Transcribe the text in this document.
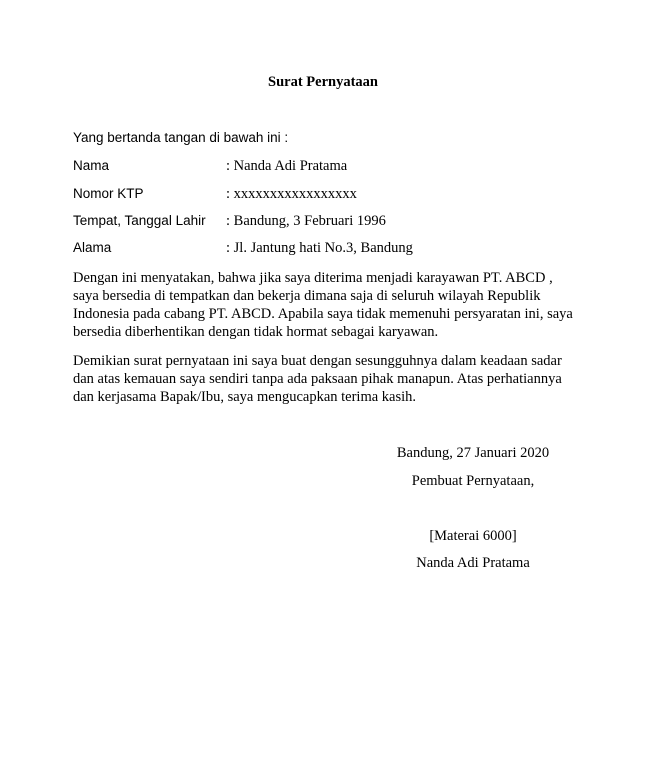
Surat Pernyataan
Yang bertanda tangan di bawah ini :
Nama	: Nanda Adi Pratama
Nomor KTP	: xxxxxxxxxxxxxxxxx
Tempat, Tanggal Lahir : Bandung, 3 Februari 1996
Alama	: Jl. Jantung hati No.3, Bandung

Dengan ini menyatakan, bahwa jika saya diterima menjadi karayawan PT. ABCD , saya bersedia di tempatkan dan bekerja dimana saja di seluruh wilayah Republik Indonesia pada cabang PT. ABCD. Apabila saya tidak memenuhi persyaratan ini, saya bersedia diberhentikan dengan tidak hormat sebagai karyawan.

Demikian surat pernyataan ini saya buat dengan sesungguhnya dalam keadaan sadar dan atas kemauan saya sendiri tanpa ada paksaan pihak manapun. Atas perhatiannya dan kerjasama Bapak/Ibu, saya mengucapkan terima kasih.

Bandung, 27 Januari 2020
Pembuat Pernyataan,
[Materai 6000]
Nanda Adi Pratama
